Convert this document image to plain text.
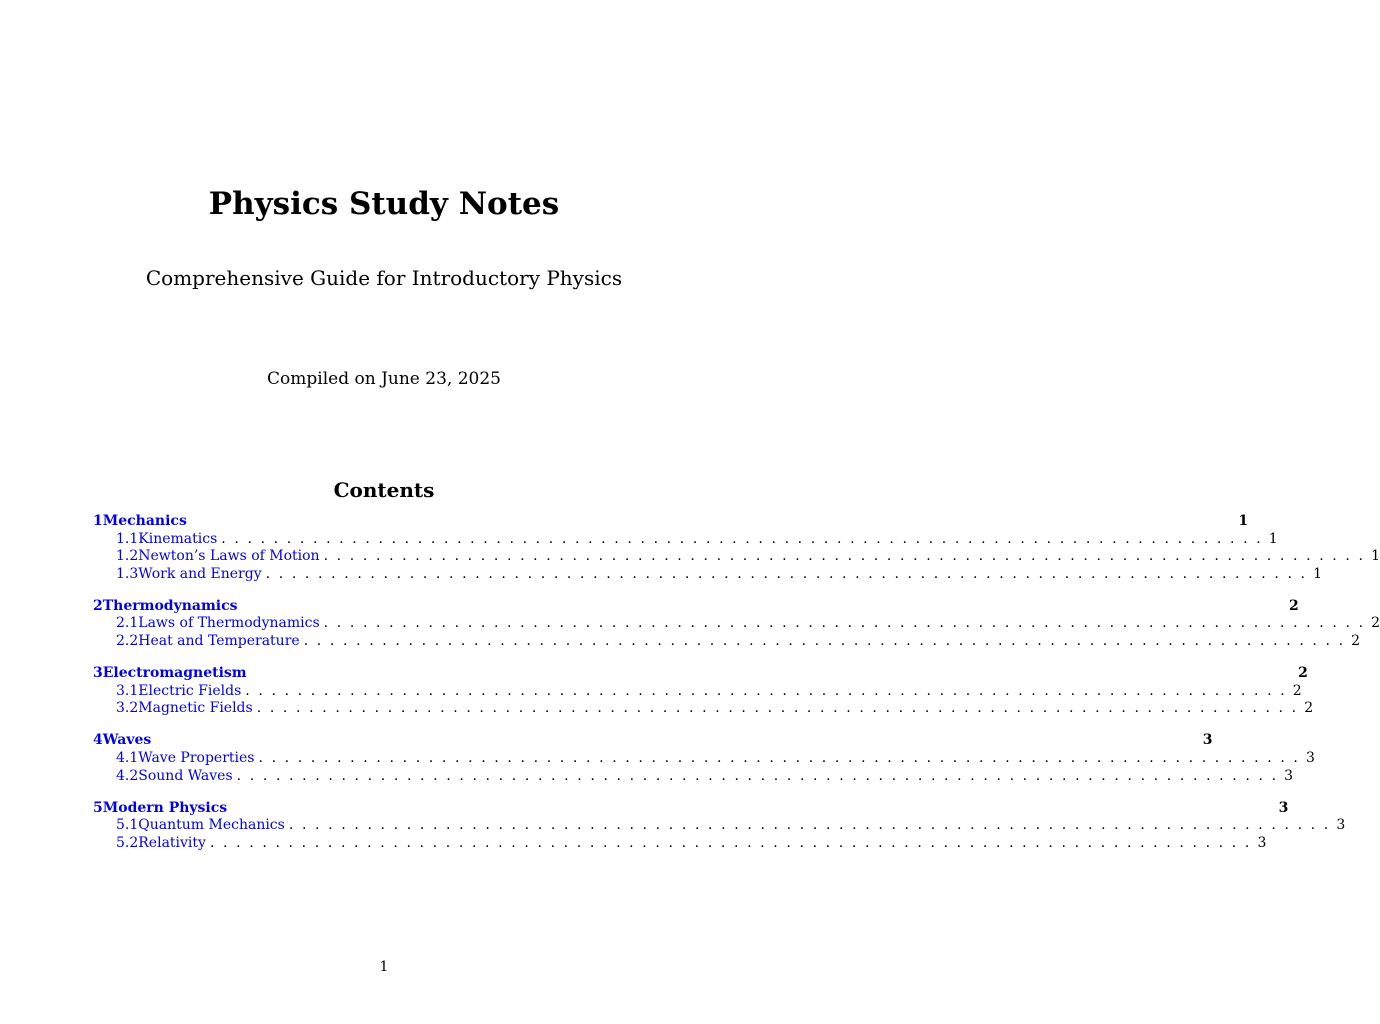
Physics Study Notes
Comprehensive Guide for Introductory Physics
Compiled on June 23, 2025
Contents
1 Mechanics	1
1.1 Kinematics . . . . . . . . . . . . . . . . . . . . . . . . . . . . . . . . . . . . . . . . . . . . . . . . . . . . . . . . . . . . . . . . . . . . . . . . . . . . . . . . 1
1.2 Newton’s Laws of Motion . . . . . . . . . . . . . . . . . . . . . . . . . . . . . . . . . . . . . . . . . . . . . . . . . . . . . . . . . . . . . . . . . . . . . . . . . . . . . . . . 1
1.3 Work and Energy . . . . . . . . . . . . . . . . . . . . . . . . . . . . . . . . . . . . . . . . . . . . . . . . . . . . . . . . . . . . . . . . . . . . . . . . . . . . . . . . 1
2 Thermodynamics	2
2.1 Laws of Thermodynamics . . . . . . . . . . . . . . . . . . . . . . . . . . . . . . . . . . . . . . . . . . . . . . . . . . . . . . . . . . . . . . . . . . . . . . . . . . . . . . . . 2
2.2 Heat and Temperature . . . . . . . . . . . . . . . . . . . . . . . . . . . . . . . . . . . . . . . . . . . . . . . . . . . . . . . . . . . . . . . . . . . . . . . . . . . . . . . . 2
3 Electromagnetism	2
3.1 Electric Fields . . . . . . . . . . . . . . . . . . . . . . . . . . . . . . . . . . . . . . . . . . . . . . . . . . . . . . . . . . . . . . . . . . . . . . . . . . . . . . . . 2
3.2 Magnetic Fields . . . . . . . . . . . . . . . . . . . . . . . . . . . . . . . . . . . . . . . . . . . . . . . . . . . . . . . . . . . . . . . . . . . . . . . . . . . . . . . . 2
4 Waves	3
4.1 Wave Properties . . . . . . . . . . . . . . . . . . . . . . . . . . . . . . . . . . . . . . . . . . . . . . . . . . . . . . . . . . . . . . . . . . . . . . . . . . . . . . . . 3
4.2 Sound Waves . . . . . . . . . . . . . . . . . . . . . . . . . . . . . . . . . . . . . . . . . . . . . . . . . . . . . . . . . . . . . . . . . . . . . . . . . . . . . . . . 3
5 Modern Physics	3
5.1 Quantum Mechanics . . . . . . . . . . . . . . . . . . . . . . . . . . . . . . . . . . . . . . . . . . . . . . . . . . . . . . . . . . . . . . . . . . . . . . . . . . . . . . . . 3
5.2 Relativity . . . . . . . . . . . . . . . . . . . . . . . . . . . . . . . . . . . . . . . . . . . . . . . . . . . . . . . . . . . . . . . . . . . . . . . . . . . . . . . . 3
1
